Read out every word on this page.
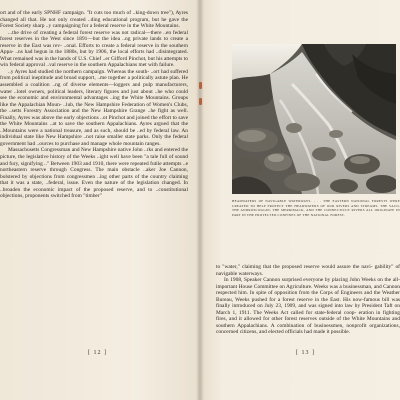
ort and of the early SPNHF campaign. "It cuts too much of ..king-down tree"), Ayres changed all that. He not only created ..ding educational program, but he gave the Forest Society sharp ..y campaigning for a federal reserve in the White Mountains.

...the drive of creating a federal forest reserve was not radical—there ..en federal forest reserves in the West since 1891—but the idea ..ng private lands to create a reserve in the East was rev- ..onal. Efforts to create a federal reserve in the southern Appa- ..ns had begun in the 1880s, but by 1906, the local efforts had ..disintegrated. What remained was in the hands of U.S. Chief ..er Gifford Pinchot, but his attempts to win federal approval ..val reserve in the southern Appalachians met with failure.

..y Ayres had studied the northern campaign. Whereas the south- ..ort had suffered from political ineptitude and broad support, ..me together a politically astute plan. He assembled a coalition ..ng of diverse elements—loggers and pulp manufacturers, water ..lotel owners, political leaders, literary figures and just about ..he who could see the economic and environmental advantages ..ing the White Mountains. Groups like the Appalachian Moun- ..lub, the New Hampshire Federation of Women's Clubs, the ..setts Forestry Association and the New Hampshire Grange ..he fight as well. Finally, Ayres was above the early objections ..ot Pinchot and joined the effort to save the White Mountains ..at to save the southern Appalachians. Ayres argued that the ..Mountains were a national treasure, and as such, should be ..ed by federal law. An individual state like New Hampshire ..not raise smaller state parks. Only the federal government had ..ources to purchase and manage whole mountain ranges.

Massachusetts Congressman and New Hampshire native John ..rks and entered the picture, the legislative history of the Weeks ..ight well have been "a tale full of sound and fury, signifying .." Between 1903 and 1910, there were repeated futile attempts ..e northeastern reserve through Congress. The main obstacle ..aker Joe Cannon, bolstered by objections from congressmen ..ing other parts of the country claiming that it was a state, ..federal, issue. Even the nature of the legislation changed. In ..broaden the economic impact of the proposed reserve, and to ..constitutional objections, proponents switched from "timber"

[ 12 ]
HEADWATERS OF NAVIGABLE WATERWAYS. . . . THE EASTERN NATIONAL FORESTS WERE CREATED TO HELP PROTECT THE HEADWATERS OF OUR RIVERS AND STREAMS. THE SACO, THE ANDROSCOGGIN, THE MERRIMACK, AND THE CONNECTICUT RIVERS ALL ORIGINATE IN PART IN THE PROTECTED CONFINES OF THE NATIONAL FOREST.

to "water," claiming that the proposed reserve would assure the navi- gability" of navigable waterways.

In 1908, Speaker Cannon surprised everyone by placing John Weeks on the all-important House Committee on Agriculture. Weeks was a businessman, and Cannon respected him. In spite of opposition from the Corps of Engineers and the Weather Bureau, Weeks pushed for a forest reserve in the East. His now-famous bill was finally introduced on July 23, 1909, and was signed into law by President Taft on March 1, 1911. The Weeks Act called for state-federal coop- eration in fighting fires, and it allowed for other forest reserves outside of the White Mountains and southern Appalachians. A combination of businessmen, nonprofit organizations, concerned citizens, and elected officials had made it possible.

[ 13 ]
